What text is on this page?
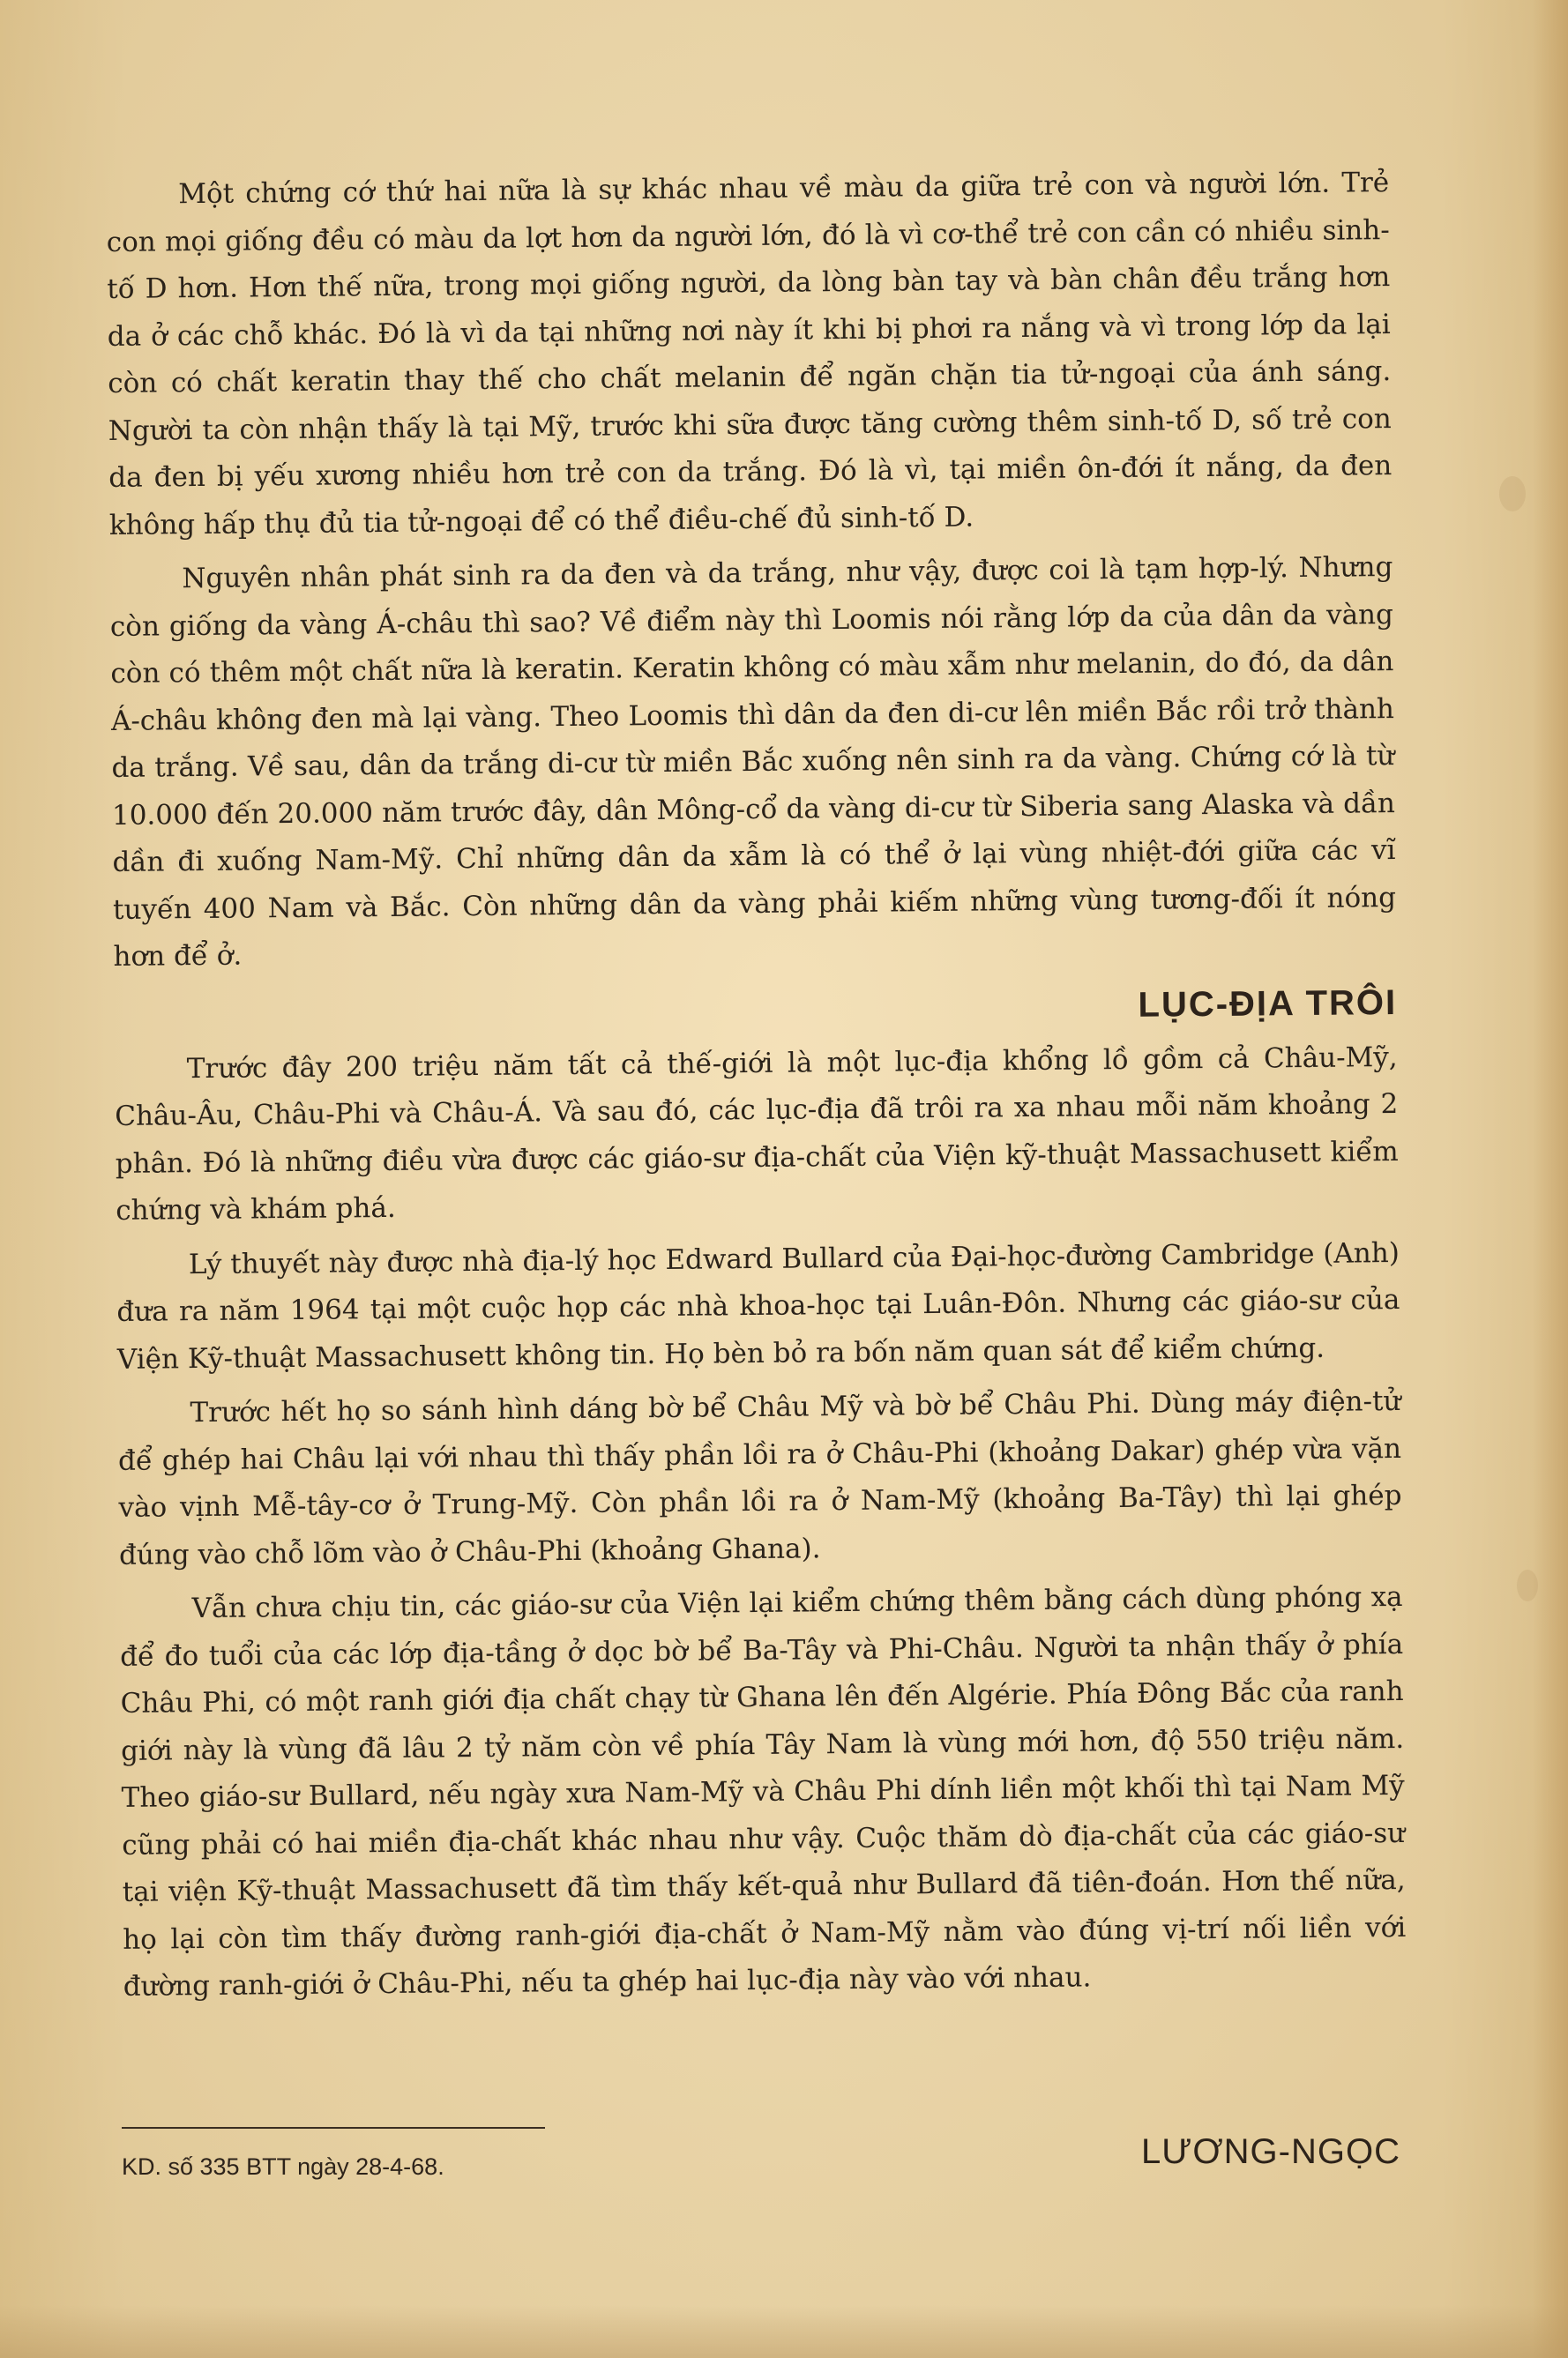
Một chứng cớ thứ hai nữa là sự khác nhau về màu da giữa trẻ con và người lớn. Trẻ con mọi giống đều có màu da lợt hơn da người lớn, đó là vì cơ-thể trẻ con cần có nhiều sinh-tố D hơn. Hơn thế nữa, trong mọi giống người, da lòng bàn tay và bàn chân đều trắng hơn da ở các chỗ khác. Đó là vì da tại những nơi này ít khi bị phơi ra nắng và vì trong lớp da lại còn có chất keratin thay thế cho chất melanin để ngăn chặn tia tử-ngoại của ánh sáng. Người ta còn nhận thấy là tại Mỹ, trước khi sữa được tăng cường thêm sinh-tố D, số trẻ con da đen bị yếu xương nhiều hơn trẻ con da trắng. Đó là vì, tại miền ôn-đới ít nắng, da đen không hấp thụ đủ tia tử-ngoại để có thể điều-chế đủ sinh-tố D.

Nguyên nhân phát sinh ra da đen và da trắng, như vậy, được coi là tạm hợp-lý. Nhưng còn giống da vàng Á-châu thì sao? Về điểm này thì Loomis nói rằng lớp da của dân da vàng còn có thêm một chất nữa là keratin. Keratin không có màu xẫm như melanin, do đó, da dân Á-châu không đen mà lại vàng. Theo Loomis thì dân da đen di-cư lên miền Bắc rồi trở thành da trắng. Về sau, dân da trắng di-cư từ miền Bắc xuống nên sinh ra da vàng. Chứng cớ là từ 10.000 đến 20.000 năm trước đây, dân Mông-cổ da vàng di-cư từ Siberia sang Alaska và dần dần đi xuống Nam-Mỹ. Chỉ những dân da xẫm là có thể ở lại vùng nhiệt-đới giữa các vĩ tuyến 400 Nam và Bắc. Còn những dân da vàng phải kiếm những vùng tương-đối ít nóng hơn để ở.

LỤC-ĐỊA TRÔI

Trước đây 200 triệu năm tất cả thế-giới là một lục-địa khổng lồ gồm cả Châu-Mỹ, Châu-Âu, Châu-Phi và Châu-Á. Và sau đó, các lục-địa đã trôi ra xa nhau mỗi năm khoảng 2 phân. Đó là những điều vừa được các giáo-sư địa-chất của Viện kỹ-thuật Massachusett kiểm chứng và khám phá.

Lý thuyết này được nhà địa-lý học Edward Bullard của Đại-học-đường Cambridge (Anh) đưa ra năm 1964 tại một cuộc họp các nhà khoa-học tại Luân-Đôn. Nhưng các giáo-sư của Viện Kỹ-thuật Massachusett không tin. Họ bèn bỏ ra bốn năm quan sát để kiểm chứng.

Trước hết họ so sánh hình dáng bờ bể Châu Mỹ và bờ bể Châu Phi. Dùng máy điện-tử để ghép hai Châu lại với nhau thì thấy phần lồi ra ở Châu-Phi (khoảng Dakar) ghép vừa vặn vào vịnh Mễ-tây-cơ ở Trung-Mỹ. Còn phần lồi ra ở Nam-Mỹ (khoảng Ba-Tây) thì lại ghép đúng vào chỗ lõm vào ở Châu-Phi (khoảng Ghana).

Vẫn chưa chịu tin, các giáo-sư của Viện lại kiểm chứng thêm bằng cách dùng phóng xạ để đo tuổi của các lớp địa-tầng ở dọc bờ bể Ba-Tây và Phi-Châu. Người ta nhận thấy ở phía Châu Phi, có một ranh giới địa chất chạy từ Ghana lên đến Algérie. Phía Đông Bắc của ranh giới này là vùng đã lâu 2 tỷ năm còn về phía Tây Nam là vùng mới hơn, độ 550 triệu năm. Theo giáo-sư Bullard, nếu ngày xưa Nam-Mỹ và Châu Phi dính liền một khối thì tại Nam Mỹ cũng phải có hai miền địa-chất khác nhau như vậy. Cuộc thăm dò địa-chất của các giáo-sư tại viện Kỹ-thuật Massachusett đã tìm thấy kết-quả như Bullard đã tiên-đoán. Hơn thế nữa, họ lại còn tìm thấy đường ranh-giới địa-chất ở Nam-Mỹ nằm vào đúng vị-trí nối liền với đường ranh-giới ở Châu-Phi, nếu ta ghép hai lục-địa này vào với nhau.

KD. số 335 BTT ngày 28-4-68.	LƯƠNG-NGỌC
